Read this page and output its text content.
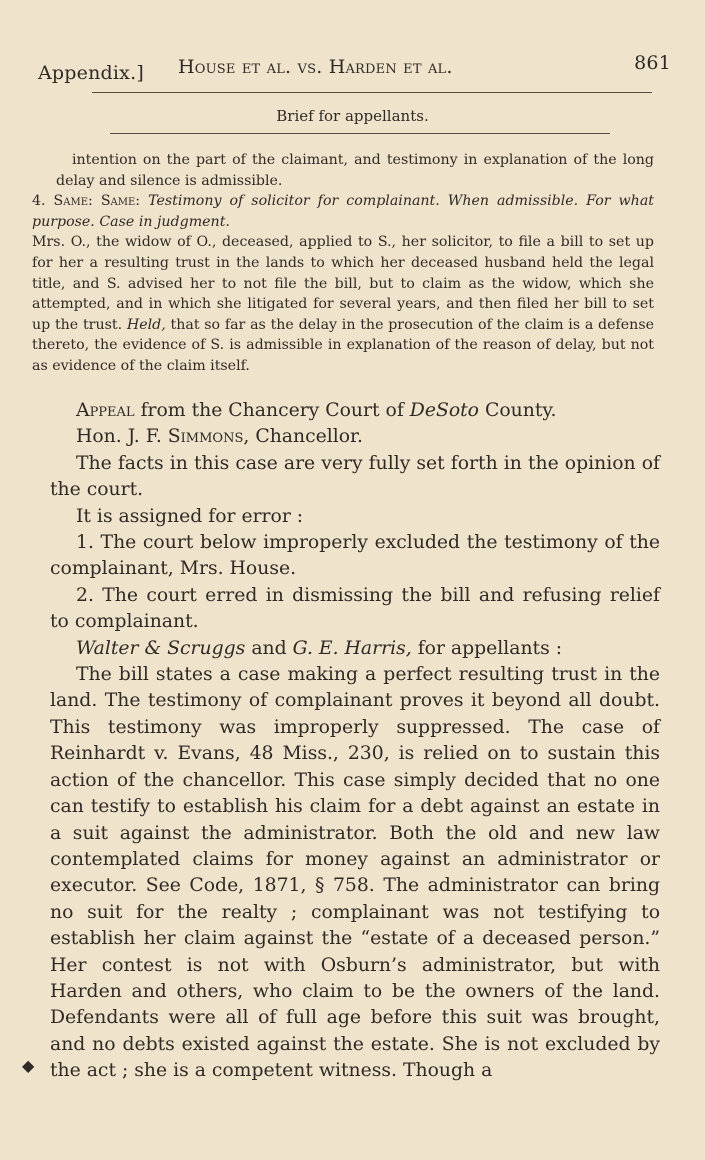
Appendix.] House et al. vs. Harden et al.	861
Brief for appellants.

intention on the part of the claimant, and testimony in explanation of the long delay and silence is admissible.

4. Same: Same: Testimony of solicitor for complainant. When admissible. For what purpose. Case in judgment.

Mrs. O., the widow of O., deceased, applied to S., her solicitor, to file a bill to set up for her a resulting trust in the lands to which her deceased husband held the legal title, and S. advised her to not file the bill, but to claim as the widow, which she attempted, and in which she litigated for several years, and then filed her bill to set up the trust. Held, that so far as the delay in the prosecution of the claim is a defense thereto, the evidence of S. is admissible in explanation of the reason of delay, but not as evidence of the claim itself.

Appeal from the Chancery Court of DeSoto County.

Hon. J. F. Simmons, Chancellor.

The facts in this case are very fully set forth in the opinion of the court.

It is assigned for error :

1. The court below improperly excluded the testimony of the complainant, Mrs. House.

2. The court erred in dismissing the bill and refusing relief to complainant.

Walter & Scruggs and G. E. Harris, for appellants :

The bill states a case making a perfect resulting trust in the land. The testimony of complainant proves it beyond all doubt. This testimony was improperly suppressed. The case of Reinhardt v. Evans, 48 Miss., 230, is relied on to sustain this action of the chancellor. This case simply decided that no one can testify to establish his claim for a debt against an estate in a suit against the administrator. Both the old and new law contemplated claims for money against an administrator or executor. See Code, 1871, § 758. The administrator can bring no suit for the realty ; complainant was not testifying to establish her claim against the “estate of a deceased person.” Her contest is not with Osburn’s administrator, but with Harden and others, who claim to be the owners of the land. Defendants were all of full age before this suit was brought, and no debts existed against the estate. She is not excluded by the act ; she is a competent witness. Though a

◆
